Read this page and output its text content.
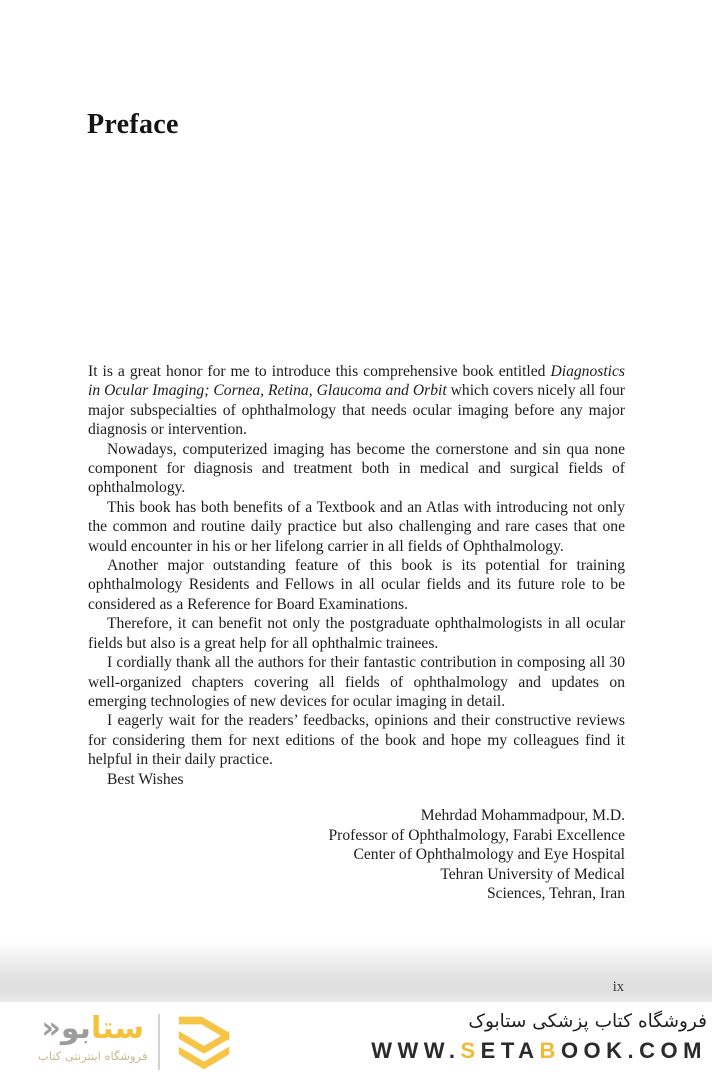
Preface

It is a great honor for me to introduce this comprehensive book entitled Diagnostics in Ocular Imaging; Cornea, Retina, Glaucoma and Orbit which covers nicely all four major subspecialties of ophthalmology that needs ocular imaging before any major diagnosis or intervention.

Nowadays, computerized imaging has become the cornerstone and sin qua none component for diagnosis and treatment both in medical and surgical fields of ophthalmology.

This book has both benefits of a Textbook and an Atlas with introducing not only the common and routine daily practice but also challenging and rare cases that one would encounter in his or her lifelong carrier in all fields of Ophthalmology.

Another major outstanding feature of this book is its potential for training ophthalmology Residents and Fellows in all ocular fields and its future role to be considered as a Reference for Board Examinations.

Therefore, it can benefit not only the postgraduate ophthalmologists in all ocular fields but also is a great help for all ophthalmic trainees.

I cordially thank all the authors for their fantastic contribution in composing all 30 well-organized chapters covering all fields of ophthalmology and updates on emerging technologies of new devices for ocular imaging in detail.

I eagerly wait for the readers’ feedbacks, opinions and their constructive reviews for considering them for next editions of the book and hope my colleagues find it helpful in their daily practice.

Best Wishes

Mehrdad Mohammadpour, M.D.
Professor of Ophthalmology, Farabi Excellence
Center of Ophthalmology and Eye Hospital
Tehran University of Medical
Sciences, Tehran, Iran
ix
ستابو«
فروشگاه اینترنتی کتاب
فروشگاه کتاب پزشکی ستابوک
WWW.SETABOOK.COM
